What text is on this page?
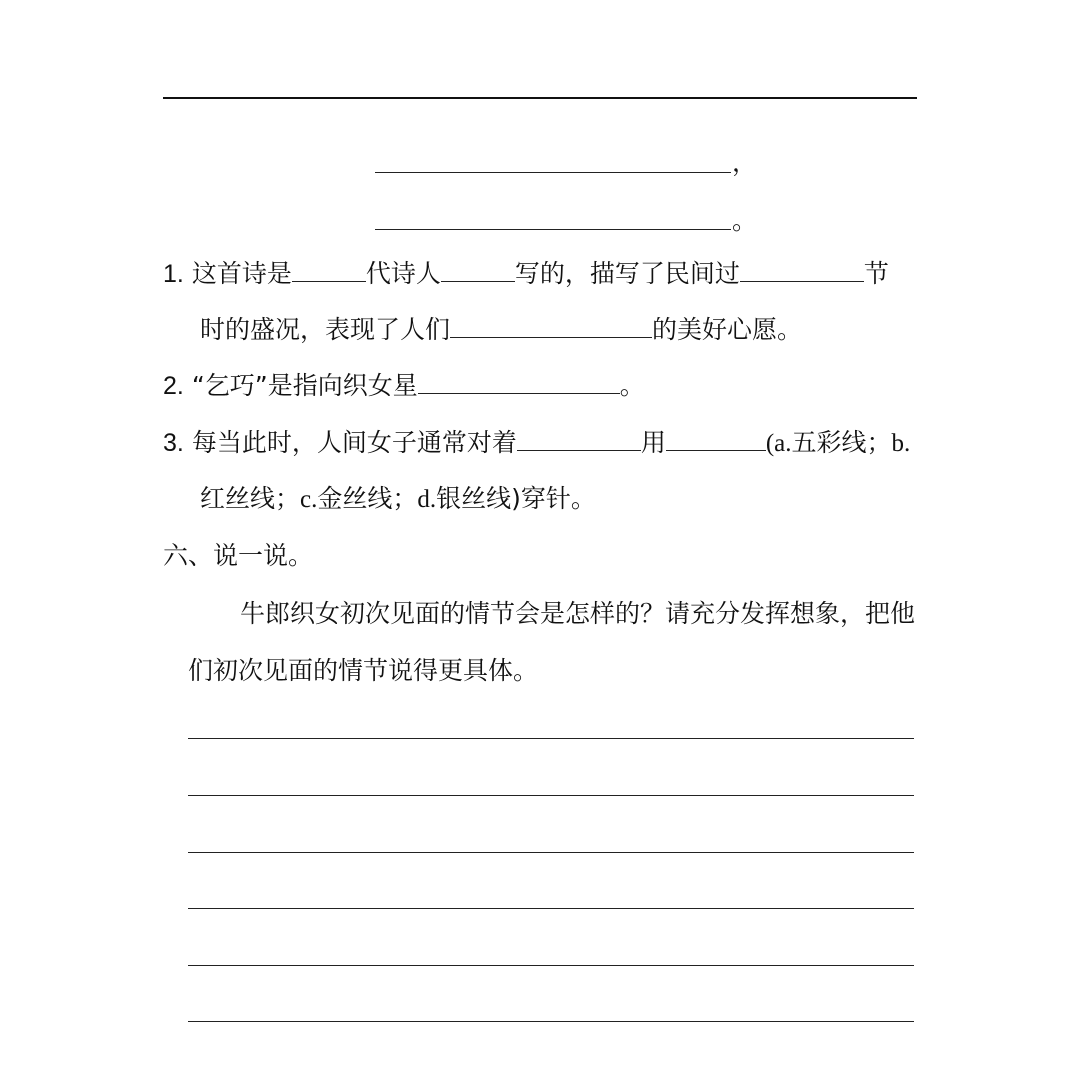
，
。
1. 这首诗是	代诗人	写的，描写了民间过	节
时的盛况，表现了人们	的美好心愿。
2. “乞巧”是指向织女星	。
3. 每当此时，人间女子通常对着	用	(a.五彩线；b.
红丝线；c.金丝线；d.银丝线)穿针。
六、说一说。
牛郎织女初次见面的情节会是怎样的？请充分发挥想象，把他
们初次见面的情节说得更具体。
